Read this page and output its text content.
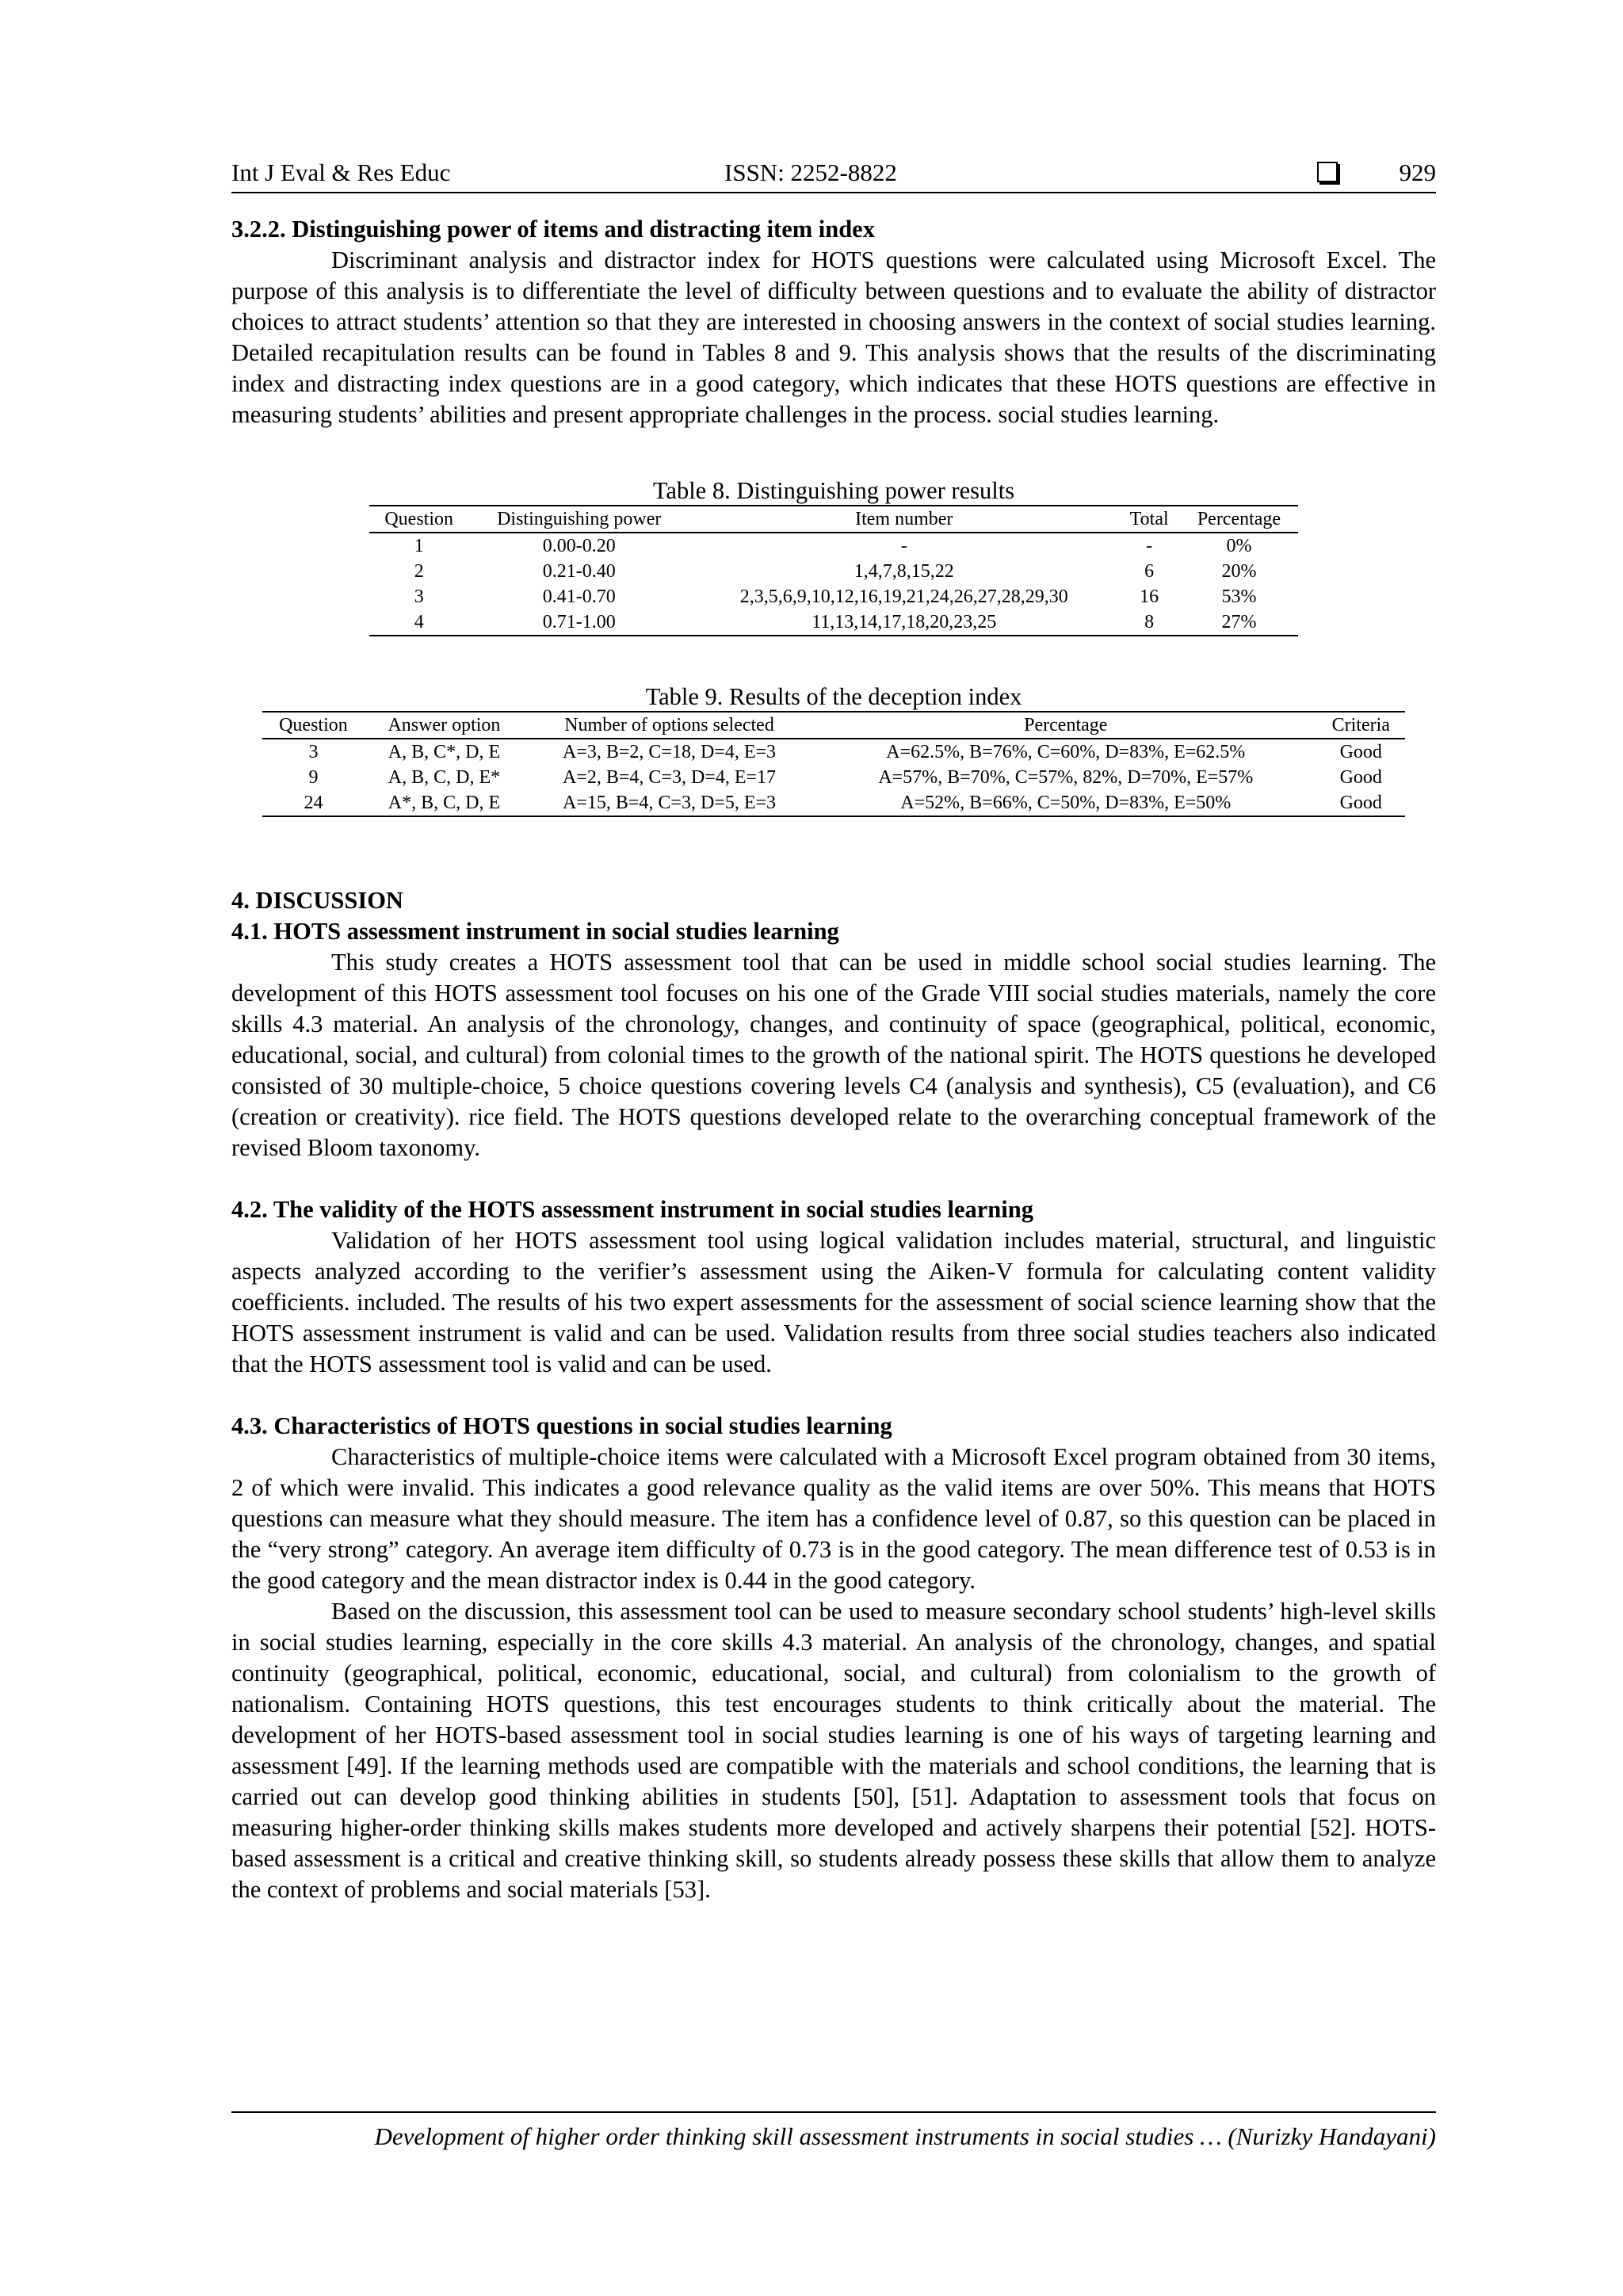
Int J Eval & Res Educ	ISSN: 2252-8822	929
3.2.2. Distinguishing power of items and distracting item index

Discriminant analysis and distractor index for HOTS questions were calculated using Microsoft Excel. The purpose of this analysis is to differentiate the level of difficulty between questions and to evaluate the ability of distractor choices to attract students’ attention so that they are interested in choosing answers in the context of social studies learning. Detailed recapitulation results can be found in Tables 8 and 9. This analysis shows that the results of the discriminating index and distracting index questions are in a good category, which indicates that these HOTS questions are effective in measuring students’ abilities and present appropriate challenges in the process. social studies learning.

Table 8. Distinguishing power results
Question	Distinguishing power	Item number	Total	Percentage
1	0.00-0.20	-	-	0%
2	0.21-0.40	1,4,7,8,15,22	6	20%
3	0.41-0.70	2,3,5,6,9,10,12,16,19,21,24,26,27,28,29,30	16	53%
4	0.71-1.00	11,13,14,17,18,20,23,25	8	27%
Table 9. Results of the deception index
Question	Answer option	Number of options selected	Percentage	Criteria
3	A, B, C*, D, E	A=3, B=2, C=18, D=4, E=3	A=62.5%, B=76%, C=60%, D=83%, E=62.5%	Good
9	A, B, C, D, E*	A=2, B=4, C=3, D=4, E=17	A=57%, B=70%, C=57%, 82%, D=70%, E=57%	Good
24	A*, B, C, D, E	A=15, B=4, C=3, D=5, E=3	A=52%, B=66%, C=50%, D=83%, E=50%	Good
4. DISCUSSION
4.1. HOTS assessment instrument in social studies learning

This study creates a HOTS assessment tool that can be used in middle school social studies learning. The development of this HOTS assessment tool focuses on his one of the Grade VIII social studies materials, namely the core skills 4.3 material. An analysis of the chronology, changes, and continuity of space (geographical, political, economic, educational, social, and cultural) from colonial times to the growth of the national spirit. The HOTS questions he developed consisted of 30 multiple-choice, 5 choice questions covering levels C4 (analysis and synthesis), C5 (evaluation), and C6 (creation or creativity). rice field. The HOTS questions developed relate to the overarching conceptual framework of the revised Bloom taxonomy.

4.2. The validity of the HOTS assessment instrument in social studies learning

Validation of her HOTS assessment tool using logical validation includes material, structural, and linguistic aspects analyzed according to the verifier’s assessment using the Aiken-V formula for calculating content validity coefficients. included. The results of his two expert assessments for the assessment of social science learning show that the HOTS assessment instrument is valid and can be used. Validation results from three social studies teachers also indicated that the HOTS assessment tool is valid and can be used.

4.3. Characteristics of HOTS questions in social studies learning

Characteristics of multiple-choice items were calculated with a Microsoft Excel program obtained from 30 items, 2 of which were invalid. This indicates a good relevance quality as the valid items are over 50%. This means that HOTS questions can measure what they should measure. The item has a confidence level of 0.87, so this question can be placed in the “very strong” category. An average item difficulty of 0.73 is in the good category. The mean difference test of 0.53 is in the good category and the mean distractor index is 0.44 in the good category.

Based on the discussion, this assessment tool can be used to measure secondary school students’ high-level skills in social studies learning, especially in the core skills 4.3 material. An analysis of the chronology, changes, and spatial continuity (geographical, political, economic, educational, social, and cultural) from colonialism to the growth of nationalism. Containing HOTS questions, this test encourages students to think critically about the material. The development of her HOTS-based assessment tool in social studies learning is one of his ways of targeting learning and assessment [49]. If the learning methods used are compatible with the materials and school conditions, the learning that is carried out can develop good thinking abilities in students [50], [51]. Adaptation to assessment tools that focus on measuring higher-order thinking skills makes students more developed and actively sharpens their potential [52]. HOTS-based assessment is a critical and creative thinking skill, so students already possess these skills that allow them to analyze the context of problems and social materials [53].

Development of higher order thinking skill assessment instruments in social studies … (Nurizky Handayani)
